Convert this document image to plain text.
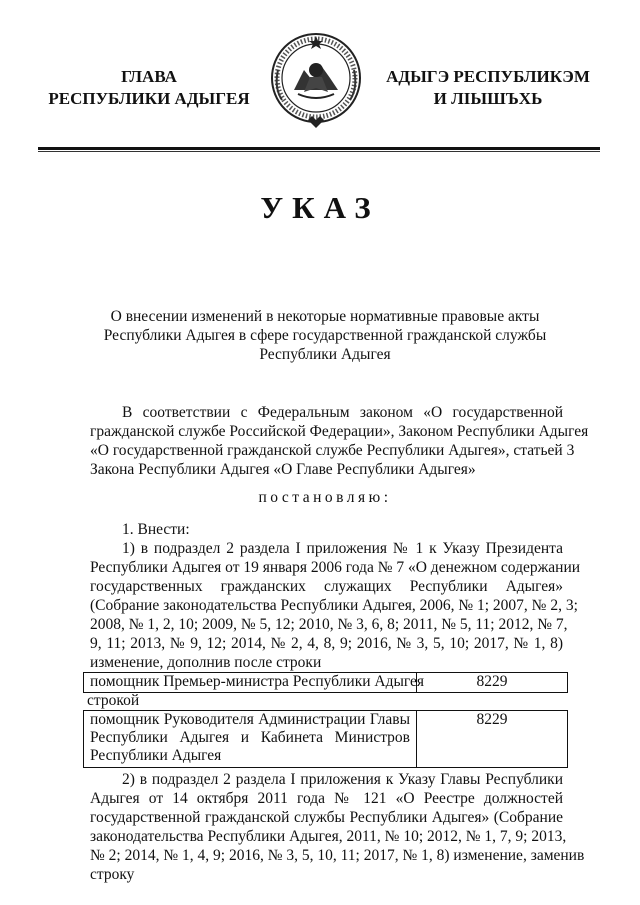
ГЛАВА
РЕСПУБЛИКИ АДЫГЕЯ
АДЫГЭ РЕСПУБЛИКЭМ
И ЛІЫШЪХЬ
УКАЗ
О внесении изменений в некоторые нормативные правовые акты
Республики Адыгея в сфере государственной гражданской службы
Республики Адыгея
В соответствии с Федеральным законом «О государственной
гражданской службе Российской Федерации», Законом Республики Адыгея
«О государственной гражданской службе Республики Адыгея», статьей 3
Закона Республики Адыгея «О Главе Республики Адыгея»
постановляю:
1. Внести:
1) в подраздел 2 раздела I приложения № 1 к Указу Президента
Республики Адыгея от 19 января 2006 года № 7 «О денежном содержании
государственных гражданских служащих Республики Адыгея»
(Собрание законодательства Республики Адыгея, 2006, № 1; 2007, № 2, 3;
2008, № 1, 2, 10; 2009, № 5, 12; 2010, № 3, 6, 8; 2011, № 5, 11; 2012, № 7,
9, 11; 2013, № 9, 12; 2014, № 2, 4, 8, 9; 2016, № 3, 5, 10; 2017, № 1, 8)
изменение, дополнив после строки
помощник Премьер-министра Республики Адыгея	8229
строкой
помощник Руководителя Администрации Главы
Республики Адыгея и Кабинета Министров
Республики Адыгея
8229
2) в подраздел 2 раздела I приложения к Указу Главы Республики
Адыгея от 14 октября 2011 года № 121 «О Реестре должностей
государственной гражданской службы Республики Адыгея» (Собрание
законодательства Республики Адыгея, 2011, № 10; 2012, № 1, 7, 9; 2013,
№ 2; 2014, № 1, 4, 9; 2016, № 3, 5, 10, 11; 2017, № 1, 8) изменение, заменив
строку
